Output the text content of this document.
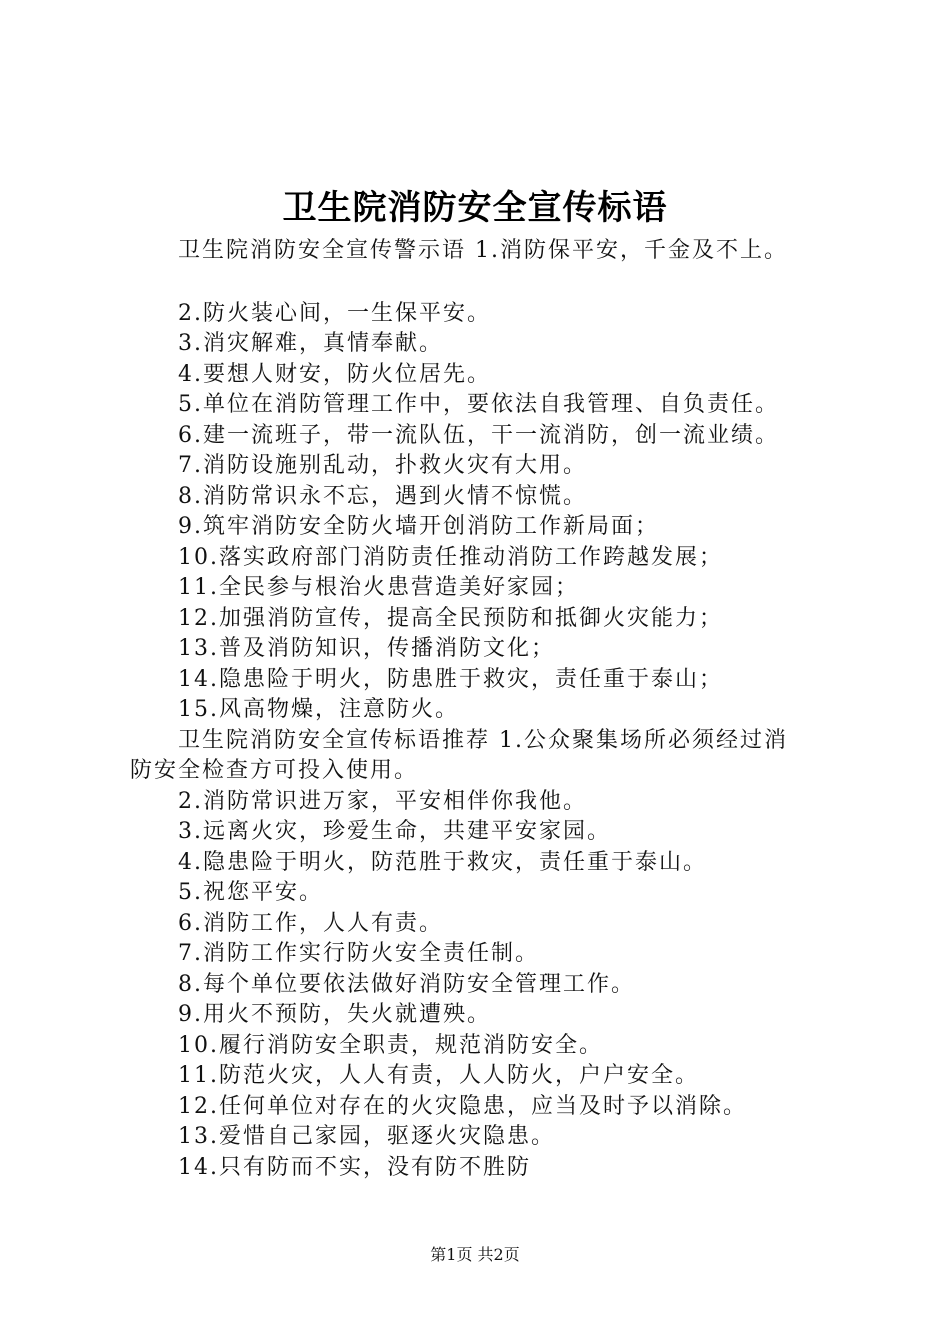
卫生院消防安全宣传标语
卫生院消防安全宣传警示语 1.消防保平安，千金及不上。
2.防火装心间，一生保平安。
3.消灾解难，真情奉献。
4.要想人财安，防火位居先。
5.单位在消防管理工作中，要依法自我管理、自负责任。
6.建一流班子，带一流队伍，干一流消防，创一流业绩。
7.消防设施别乱动，扑救火灾有大用。
8.消防常识永不忘，遇到火情不惊慌。
9.筑牢消防安全防火墙开创消防工作新局面；
10.落实政府部门消防责任推动消防工作跨越发展；
11.全民参与根治火患营造美好家园；
12.加强消防宣传，提高全民预防和抵御火灾能力；
13.普及消防知识，传播消防文化；
14.隐患险于明火，防患胜于救灾，责任重于泰山；
15.风高物燥，注意防火。
卫生院消防安全宣传标语推荐 1.公众聚集场所必须经过消
防安全检查方可投入使用。
2.消防常识进万家，平安相伴你我他。
3.远离火灾，珍爱生命，共建平安家园。
4.隐患险于明火，防范胜于救灾，责任重于泰山。
5.祝您平安。
6.消防工作，人人有责。
7.消防工作实行防火安全责任制。
8.每个单位要依法做好消防安全管理工作。
9.用火不预防，失火就遭殃。
10.履行消防安全职责，规范消防安全。
11.防范火灾，人人有责，人人防火，户户安全。
12.任何单位对存在的火灾隐患，应当及时予以消除。
13.爱惜自己家园，驱逐火灾隐患。
14.只有防而不实，没有防不胜防
第1页 共2页
